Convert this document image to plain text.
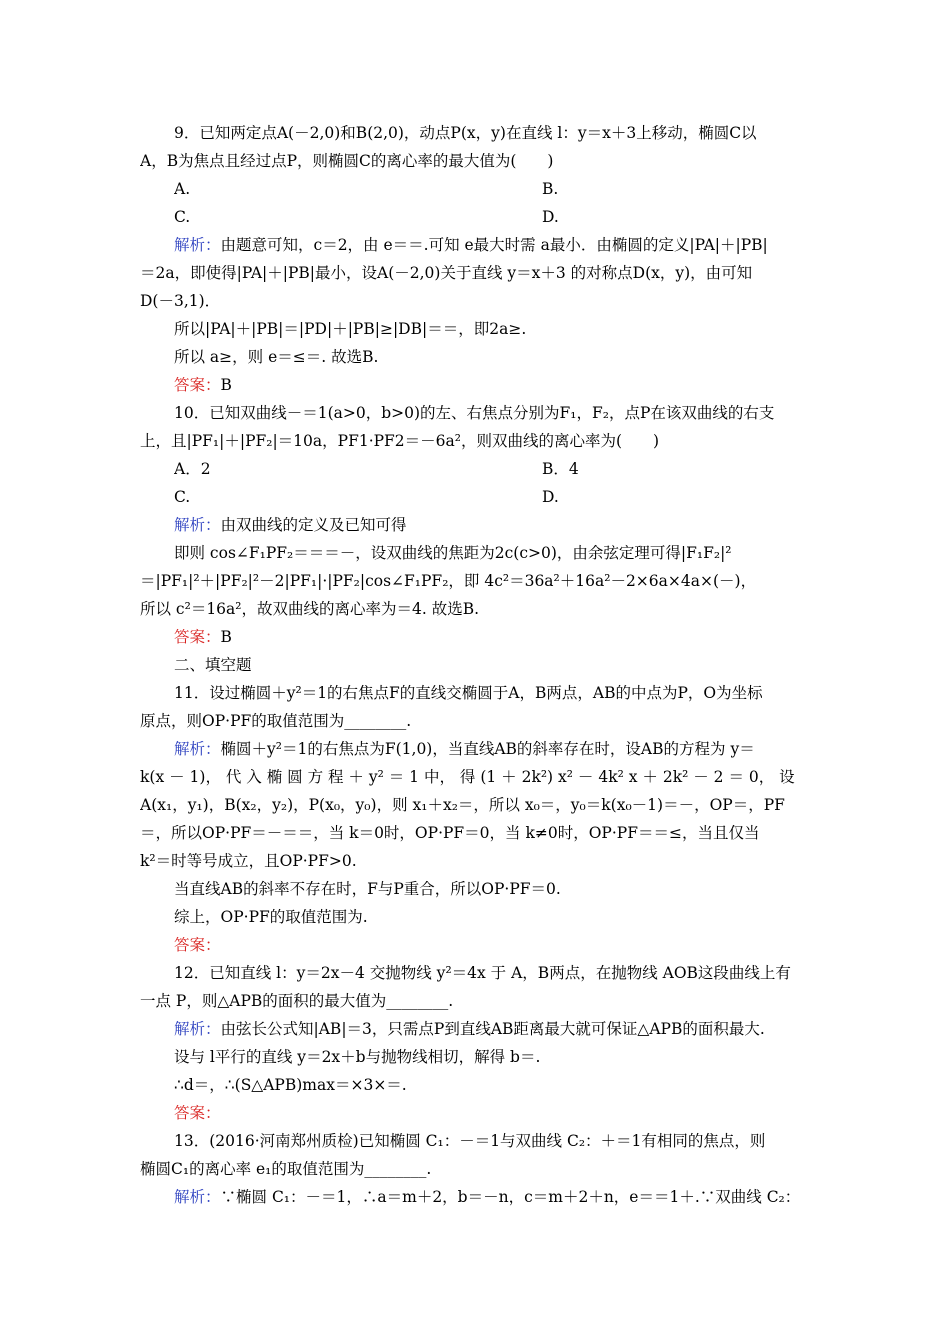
9．已知两定点A(－2,0)和B(2,0)，动点P(x，y)在直线 l：y＝x＋3上移动，椭圆C以
A，B为焦点且经过点P，则椭圆C的离心率的最大值为(　　)
A.	B.
C.	D.
解析：由题意可知，c＝2，由 e＝＝.可知 e最大时需 a最小．由椭圆的定义|PA|＋|PB|
＝2a，即使得|PA|＋|PB|最小，设A(－2,0)关于直线 y＝x＋3 的对称点D(x，y)，由可知
D(－3,1)．
所以|PA|＋|PB|＝|PD|＋|PB|≥|DB|＝＝，即2a≥.
所以 a≥，则 e＝≤＝. 故选B.
答案：B
10．已知双曲线－＝1(a>0，b>0)的左、右焦点分别为F₁，F₂，点P在该双曲线的右支
上，且|PF₁|＋|PF₂|＝10a，PF1·PF2＝－6a²，则双曲线的离心率为(　　)
A．2	B．4
C.	D.
解析：由双曲线的定义及已知可得
即则 cos∠F₁PF₂＝＝＝－，设双曲线的焦距为2c(c>0)，由余弦定理可得|F₁F₂|²
＝|PF₁|²＋|PF₂|²－2|PF₁|·|PF₂|cos∠F₁PF₂，即 4c²＝36a²＋16a²－2×6a×4a×(－)，
所以 c²＝16a²，故双曲线的离心率为＝4. 故选B.
答案：B
二、填空题
11．设过椭圆＋y²＝1的右焦点F的直线交椭圆于A，B两点，AB的中点为P，O为坐标
原点，则OP·PF的取值范围为________.
解析：椭圆＋y²＝1的右焦点为F(1,0)，当直线AB的斜率存在时，设AB的方程为 y＝
k(x － 1)， 代 入 椭 圆 方 程 ＋ y² ＝ 1 中， 得 (1 ＋ 2k²) x² － 4k² x ＋ 2k² － 2 ＝ 0， 设
A(x₁，y₁)，B(x₂，y₂)，P(x₀，y₀)，则 x₁＋x₂＝，所以 x₀＝，y₀＝k(x₀－1)＝－，OP＝，PF
＝，所以OP·PF＝－＝＝，当 k＝0时，OP·PF＝0，当 k≠0时，OP·PF＝＝≤，当且仅当
k²＝时等号成立，且OP·PF>0.
当直线AB的斜率不存在时，F与P重合，所以OP·PF＝0.
综上，OP·PF的取值范围为.
答案：
12．已知直线 l：y＝2x－4 交抛物线 y²＝4x 于 A，B两点，在抛物线 AOB这段曲线上有
一点 P，则△APB的面积的最大值为________.
解析：由弦长公式知|AB|＝3，只需点P到直线AB距离最大就可保证△APB的面积最大.
设与 l平行的直线 y＝2x＋b与抛物线相切，解得 b＝.
∴d＝，∴(S△APB)max＝×3×＝.
答案：
13．(2016·河南郑州质检)已知椭圆 C₁：－＝1与双曲线 C₂：＋＝1有相同的焦点，则
椭圆C₁的离心率 e₁的取值范围为________.
解析：∵椭圆 C₁：－＝1，∴a＝m＋2，b＝－n，c＝m＋2＋n，e＝＝1＋.∵双曲线 C₂：
